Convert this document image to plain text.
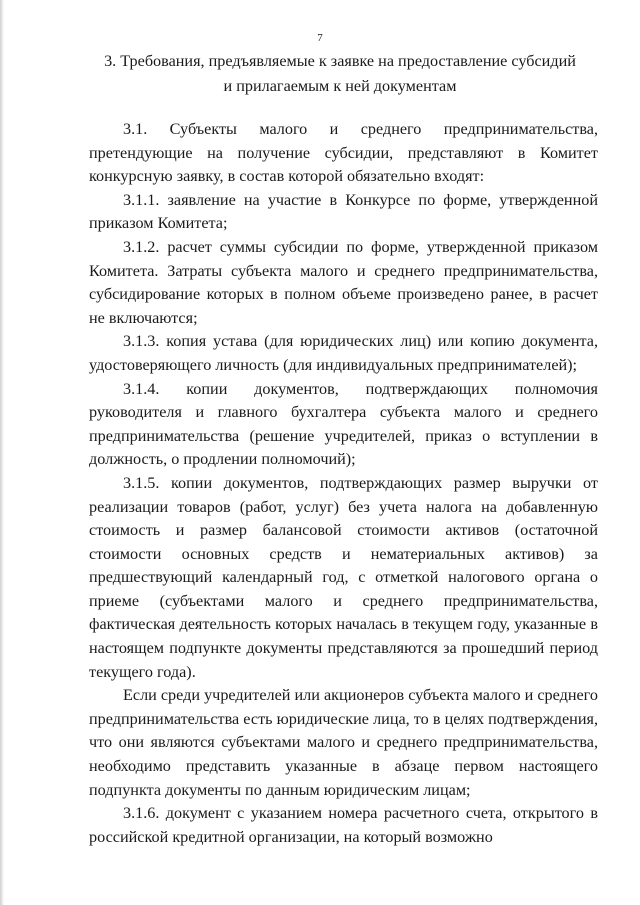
7
3. Требования, предъявляемые к заявке на предоставление субсидий
и прилагаемым к ней документам

3.1. Субъекты малого и среднего предпринимательства, претендующие на получение субсидии, представляют в Комитет конкурсную заявку, в состав которой обязательно входят:

3.1.1. заявление на участие в Конкурсе по форме, утвержденной приказом Комитета;

3.1.2. расчет суммы субсидии по форме, утвержденной приказом Комитета. Затраты субъекта малого и среднего предпринимательства, субсидирование которых в полном объеме произведено ранее, в расчет не включаются;

3.1.3. копия устава (для юридических лиц) или копию документа, удостоверяющего личность (для индивидуальных предпринимателей);

3.1.4. копии документов, подтверждающих полномочия руководителя и главного бухгалтера субъекта малого и среднего предпринимательства (решение учредителей, приказ о вступлении в должность, о продлении полномочий);

3.1.5. копии документов, подтверждающих размер выручки от реализации товаров (работ, услуг) без учета налога на добавленную стоимость и размер балансовой стоимости активов (остаточной стоимости основных средств и нематериальных активов) за предшествующий календарный год, с отметкой налогового органа о приеме (субъектами малого и среднего предпринимательства, фактическая деятельность которых началась в текущем году, указанные в настоящем подпункте документы представляются за прошедший период текущего года).

Если среди учредителей или акционеров субъекта малого и среднего предпринимательства есть юридические лица, то в целях подтверждения, что они являются субъектами малого и среднего предпринимательства, необходимо представить указанные в абзаце первом настоящего подпункта документы по данным юридическим лицам;

3.1.6. документ с указанием номера расчетного счета, открытого в российской кредитной организации, на который возможно
